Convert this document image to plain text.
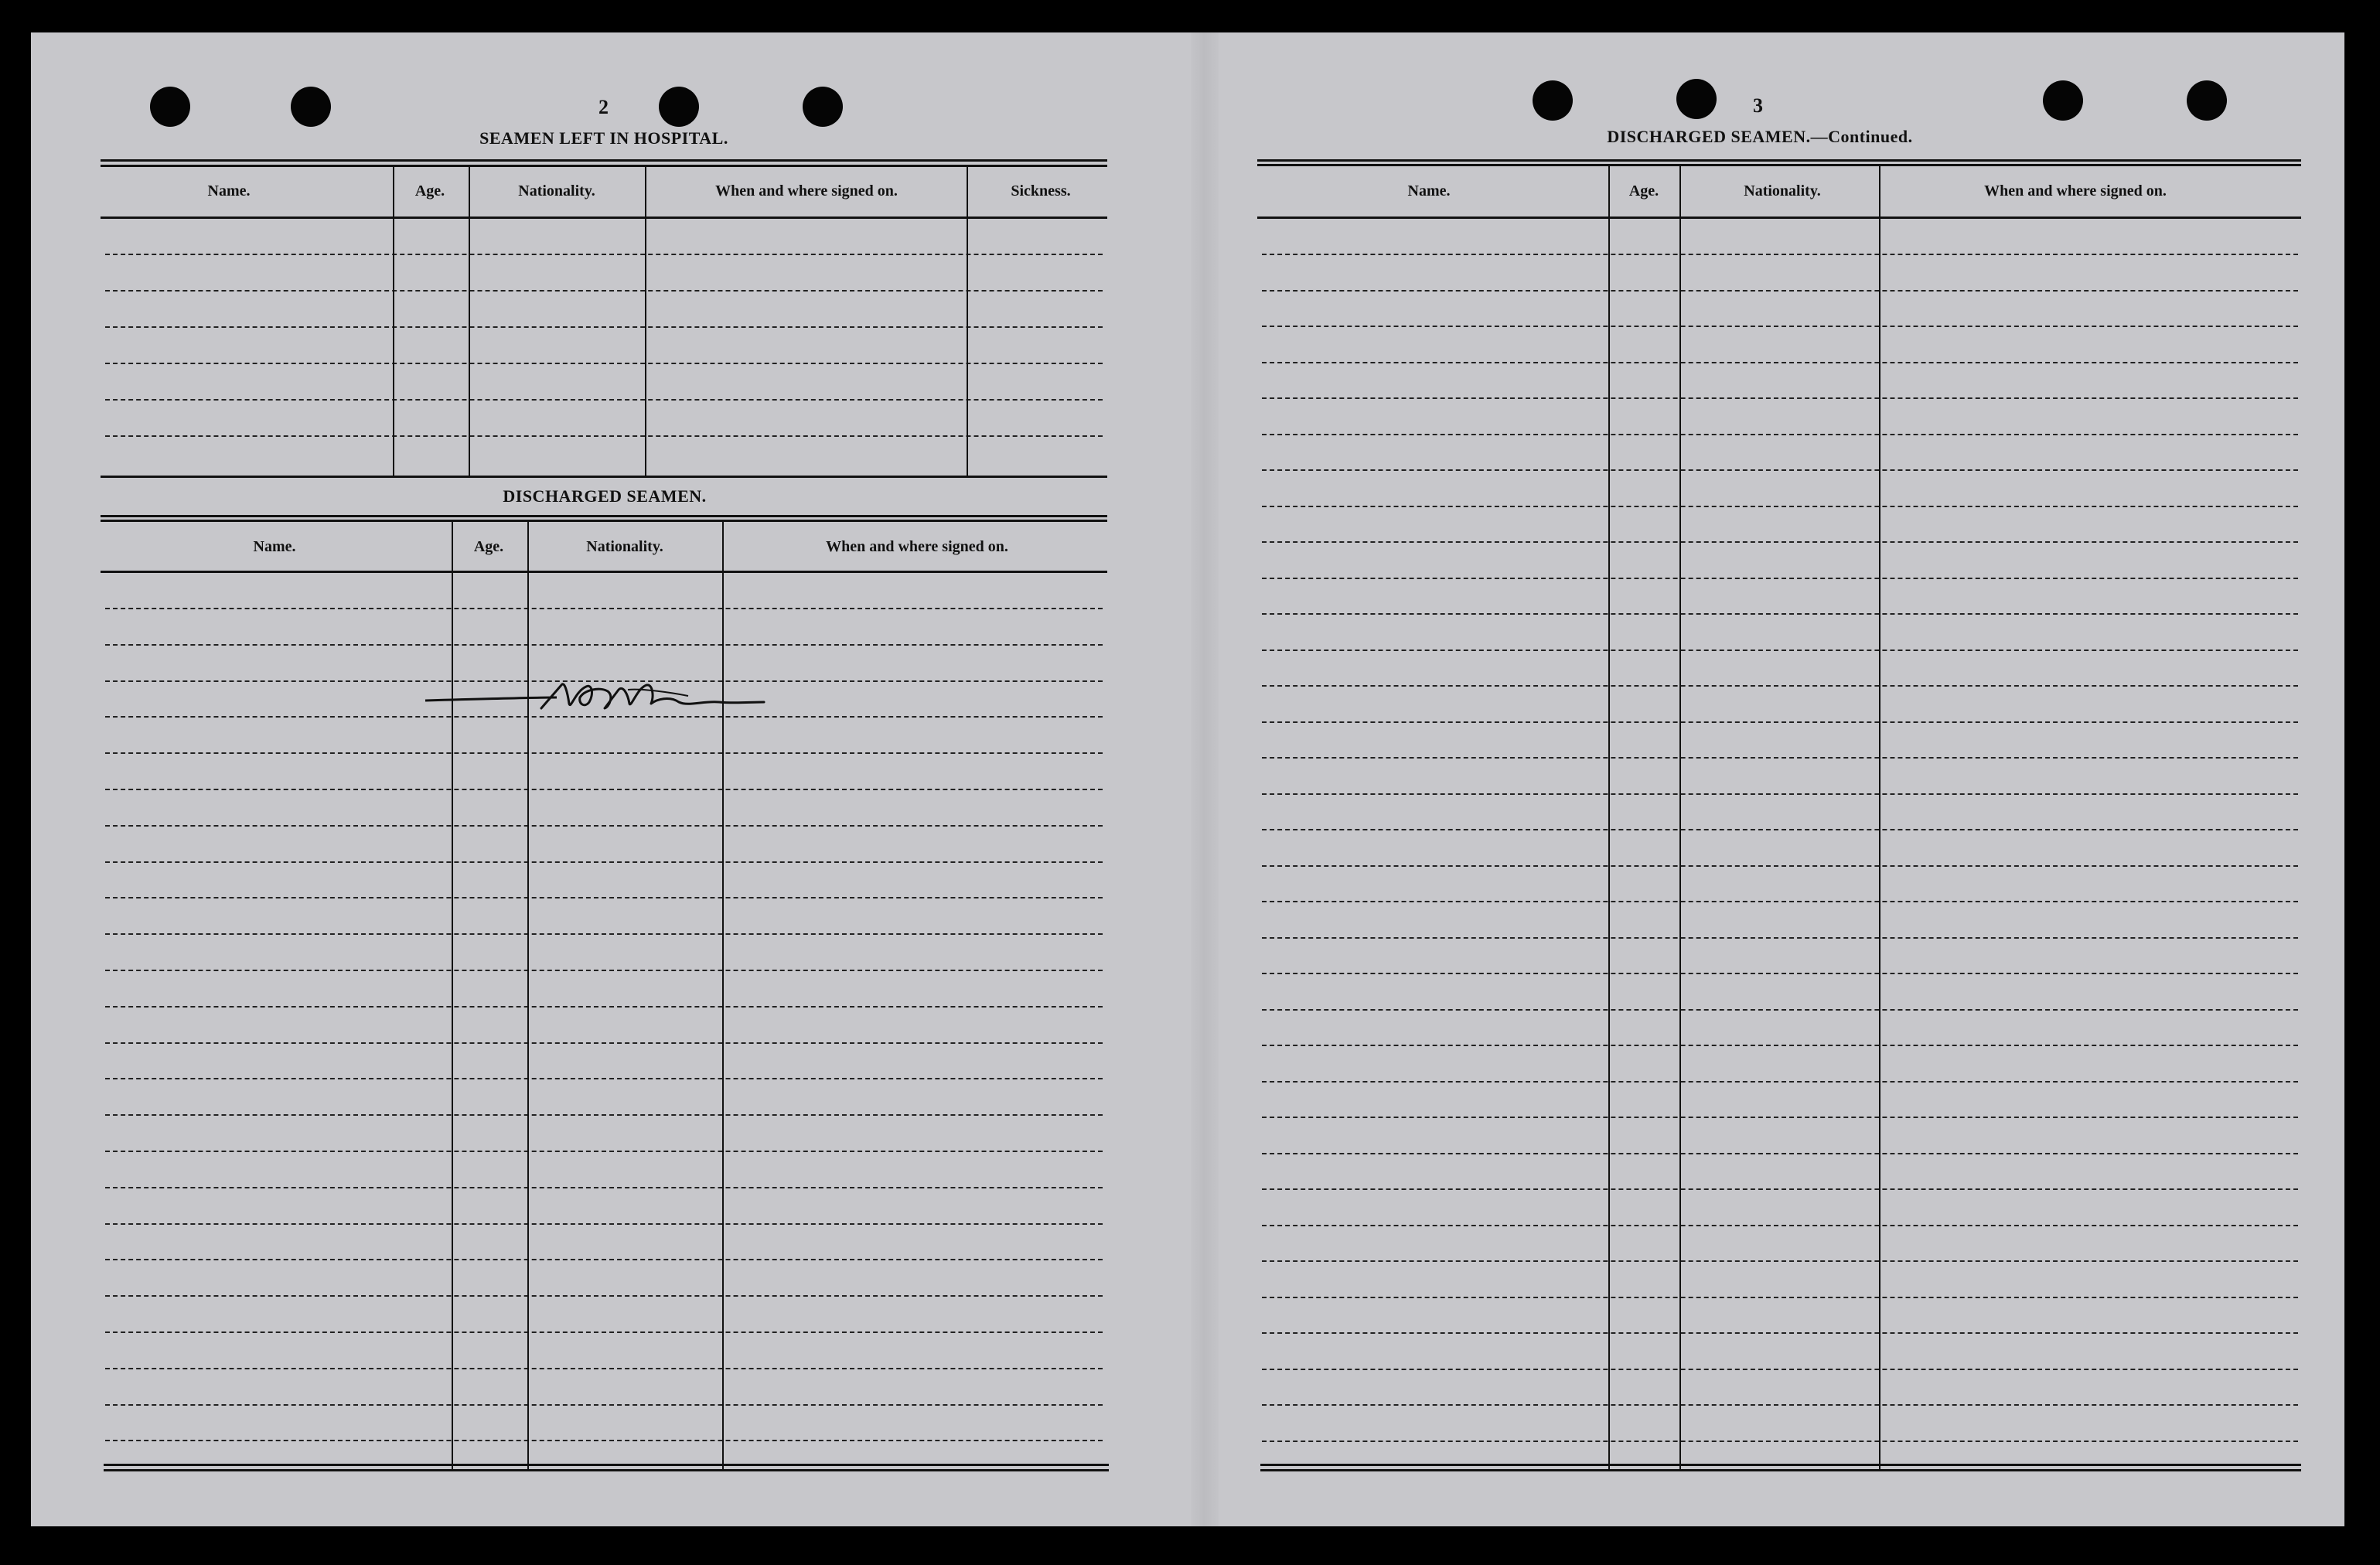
2
SEAMEN LEFT IN HOSPITAL.
Name.	Age.	Nationality.	When and where signed on.	Sickness.
DISCHARGED SEAMEN.
Name.	Age.	Nationality.	When and where signed on.
3
DISCHARGED SEAMEN.—Continued.
Name.	Age.	Nationality.	When and where signed on.
